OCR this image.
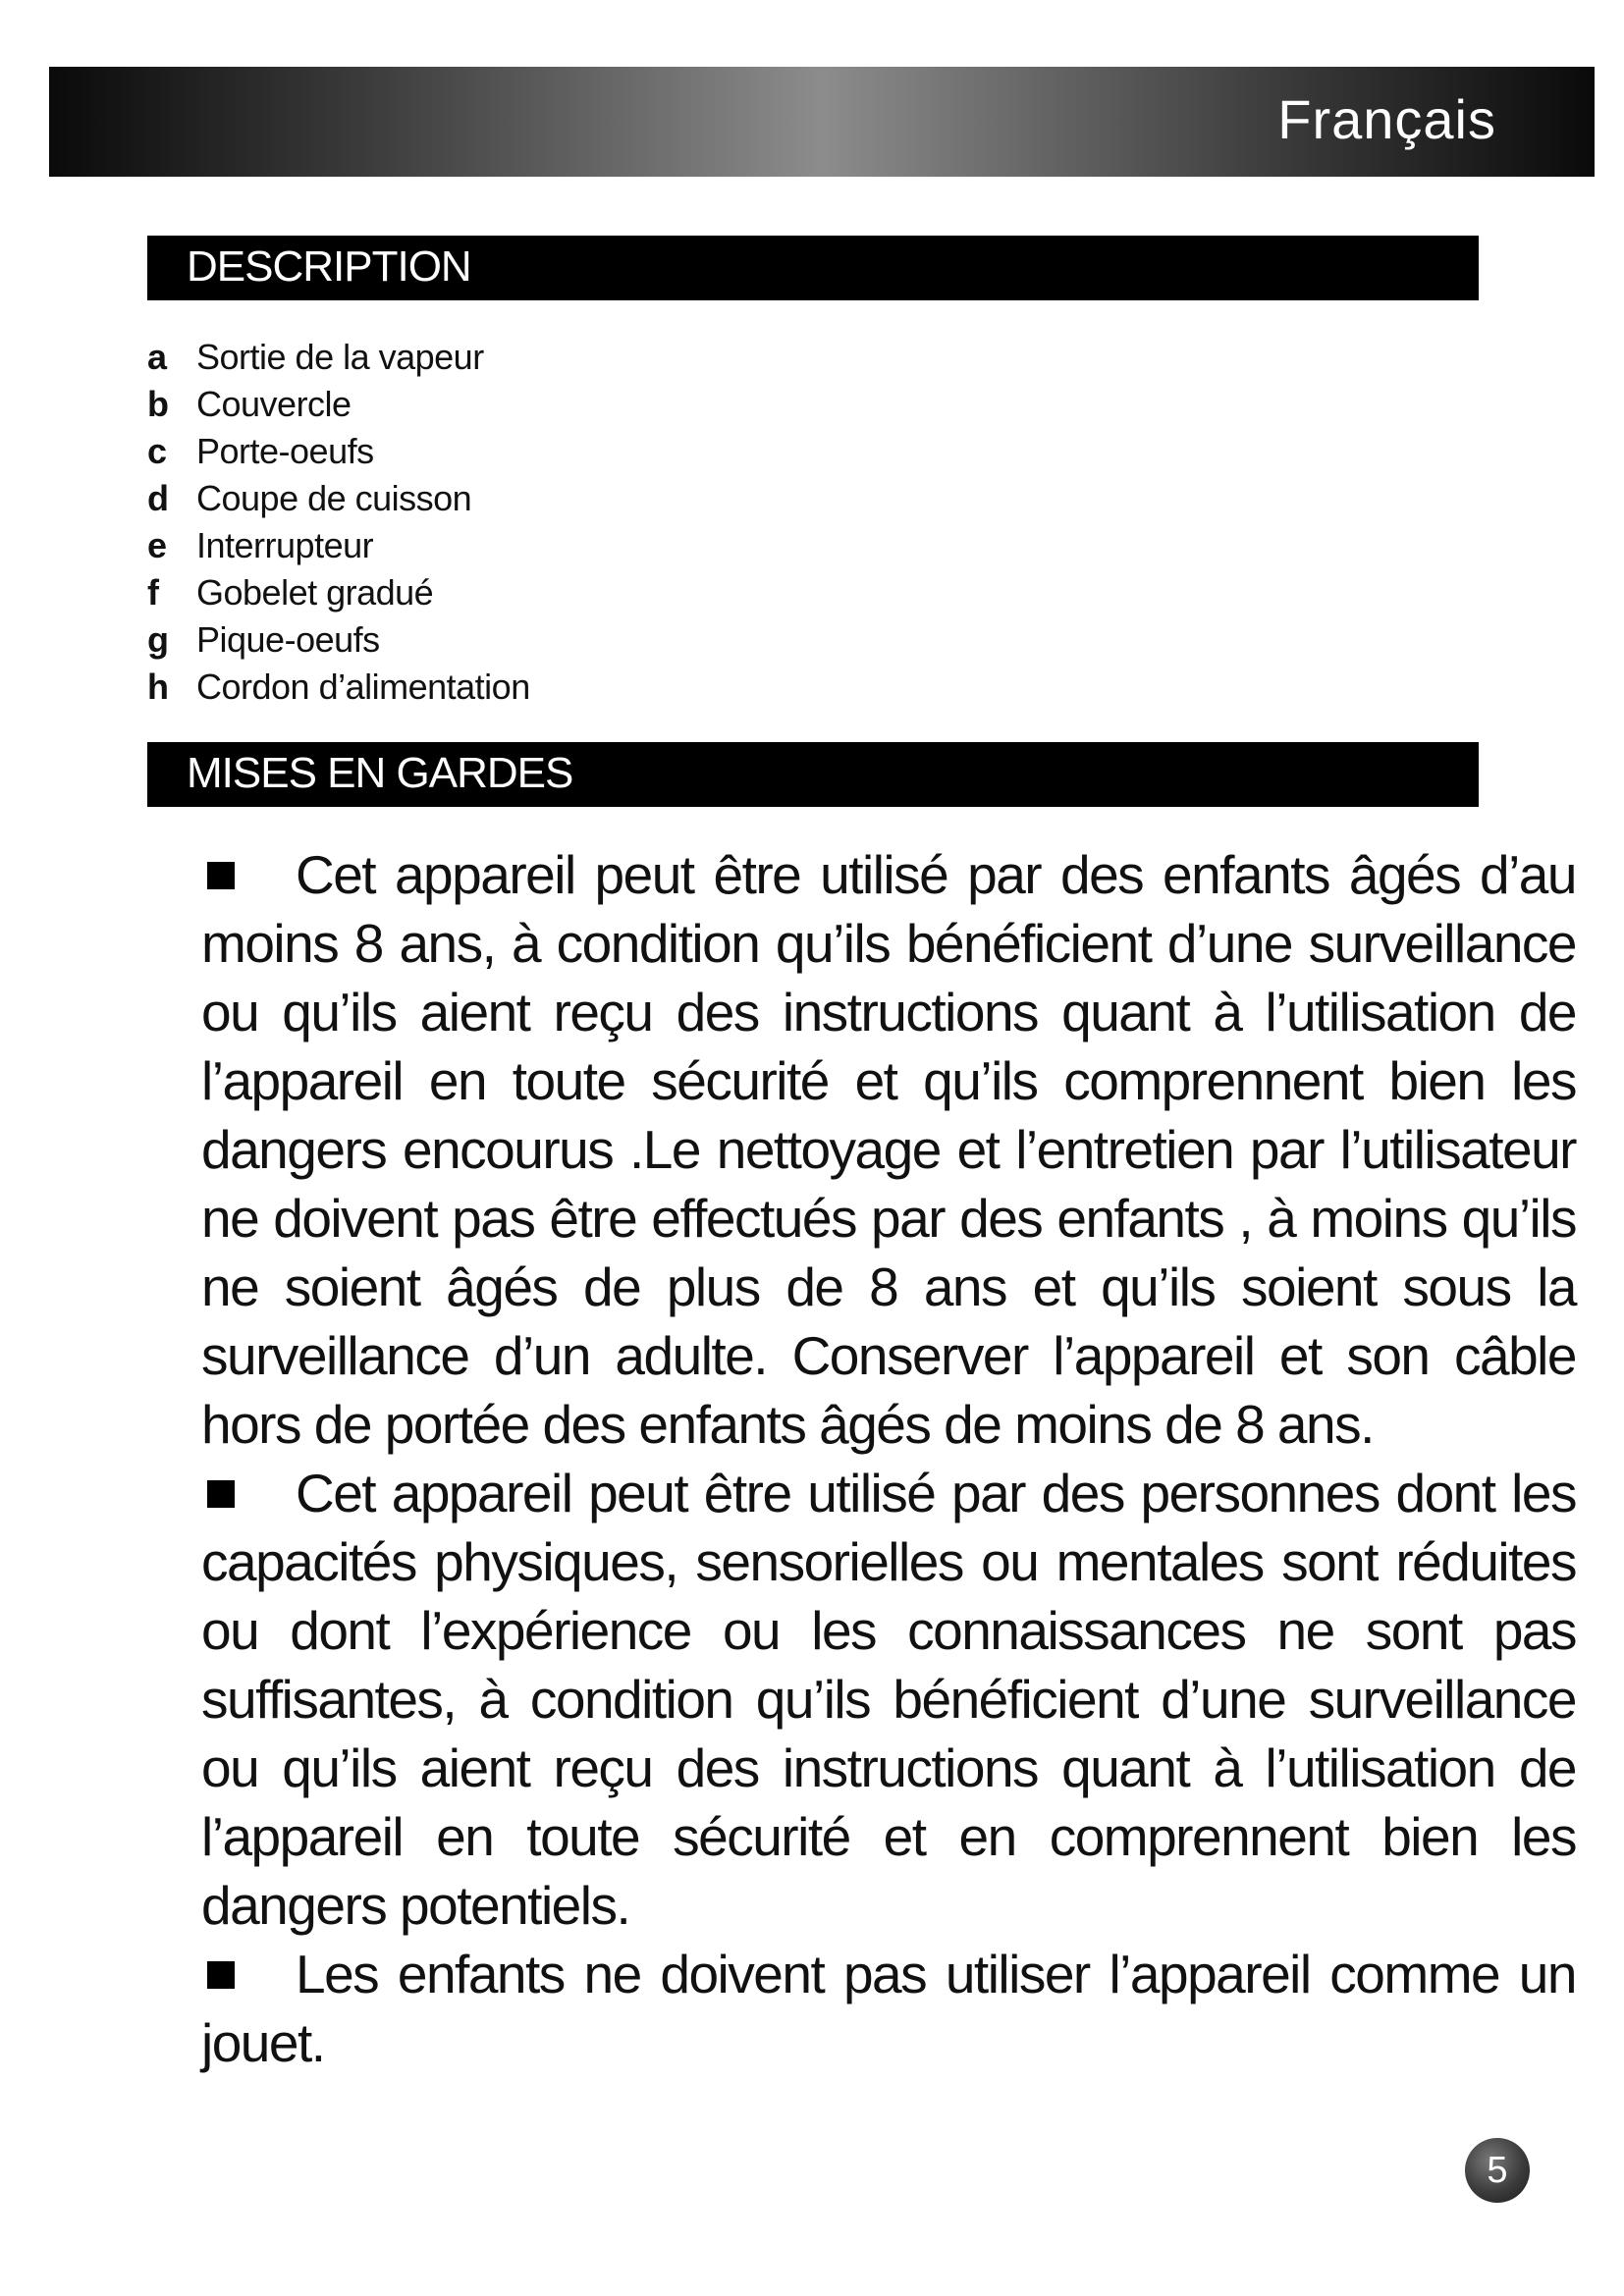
Français
DESCRIPTION
a Sortie de la vapeur
b Couvercle
c Porte-oeufs
d Coupe de cuisson
e Interrupteur
f	Gobelet gradué
g Pique-oeufs
h Cordon d’alimentation
MISES EN GARDES

Cet appareil peut être utilisé par des enfants âgés d’au moins 8 ans, à condition qu’ils bénéficient d’une surveillance ou qu’ils aient reçu des instructions quant à l’utilisation de l’appareil en toute sécurité et qu’ils comprennent bien les dangers encourus .Le nettoyage et l’entretien par l’utilisateur ne doivent pas être effectués par des enfants , à moins qu’ils ne soient âgés de plus de 8 ans et qu’ils soient sous la surveillance d’un adulte. Conserver l’appareil et son câble hors de portée des enfants âgés de moins de 8 ans.

Cet appareil peut être utilisé par des personnes dont les capacités physiques, sensorielles ou mentales sont réduites ou dont l’expérience ou les connaissances ne sont pas suffisantes, à condition qu’ils bénéficient d’une surveillance ou qu’ils aient reçu des instructions quant à l’utilisation de l’appareil en toute sécurité et en comprennent bien les dangers potentiels.

Les enfants ne doivent pas utiliser l’appareil comme un jouet.

5
